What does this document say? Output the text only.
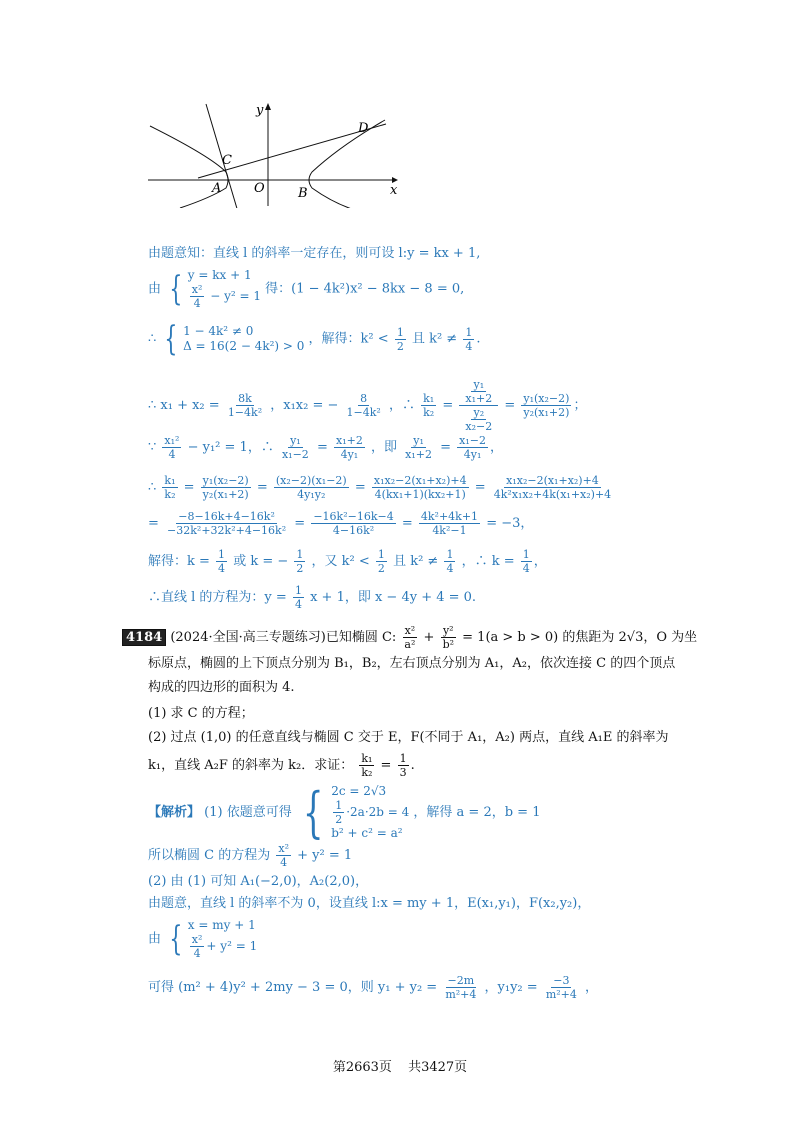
y
x
A	O	B
C
D
由题意知：直线 l 的斜率一定存在，则可设 l:y = kx + 1,
由 { y = kx + 1
$\frac{\text{x²}}{4} - y^2 = 1$ 得：(1 − 4k²)x² − 8kx − 8 = 0,
∴ { 1 − 4k² ≠ 0
Δ = 16(2 − 4k²) > 0 ，解得：$k^2 < \frac{1}{2}$ 且 $k^2 \ne \frac{1}{4}$ .
∴ $x_1 + x_2 = \frac{8k}{\text{1−4k²}}$ ，x₁x₂ = − $\frac{8}{\text{1−4k²}}$ ，∴ $\frac{\text{k₁}}{\text{k₂}} = \frac{\frac{\text{y₁}}{\text{x₁+2}}}{\frac{\text{y₂}}{\text{x₂−2}}} = \frac{\text{y₁(x₂−2)}}{\text{y₂(x₁+2)}}$ ；
∵ $\frac{\text{x₁²}}{4} - y_1^2 = 1$，∴ $\frac{\text{y₁}}{\text{x₁−2}} = \frac{\text{x₁+2}}{\text{4y₁}}$ ，即 $\frac{\text{y₁}}{\text{x₁+2}} = \frac{\text{x₁−2}}{\text{4y₁}}$ ，
∴ $\frac{\text{k₁}}{\text{k₂}} = \frac{\text{y₁(x₂−2)}}{\text{y₂(x₁+2)}} = \frac{\text{(x₂−2)(x₁−2)}}{\text{4y₁y₂}} = \frac{\text{x₁x₂−2(x₁+x₂)+4}}{\text{4(kx₁+1)(kx₂+1)}} = \frac{\text{x₁x₂−2(x₁+x₂)+4}}{\text{4k²x₁x₂+4k(x₁+x₂)+4}}$
= $\frac{\text{−8−16k+4−16k²}}{\text{−32k²+32k²+4−16k²}} = \frac{\text{−16k²−16k−4}}{\text{4−16k²}} = \frac{\text{4k²+4k+1}}{\text{4k²−1}} = -3$，
解得：$k = \frac{1}{4}$ 或 k = − $\frac{1}{2}$ ，又 $k^2 < \frac{1}{2}$ 且 $k^2 \ne \frac{1}{4}$ ，∴ $k = \frac{1}{4}$ ，
∴直线 l 的方程为：$y = \frac{1}{4}$ x + 1，即 x − 4y + 4 = 0.
4184 (2024·全国·高三专题练习)已知椭圆 C: $\frac{\text{x²}}{\text{a²}} + \frac{\text{y²}}{\text{b²}} = 1(a > b > 0)$ 的焦距为 2√3，O 为坐
标原点，椭圆的上下顶点分别为 B₁，B₂，左右顶点分别为 A₁，A₂，依次连接 C 的四个顶点
构成的四边形的面积为 4.
(1) 求 C 的方程；
(2) 过点 (1,0) 的任意直线与椭圆 C 交于 E，F(不同于 A₁，A₂) 两点，直线 A₁E 的斜率为
k₁，直线 A₂F 的斜率为 k₂．求证： $\frac{\text{k₁}}{\text{k₂}} = \frac{1}{3}$ .
【解析】 (1) 依题意可得 { 2c = 2√3
$\frac{1}{2} \cdot 2a\cdot 2b = 4$
b² + c² = a²
，解得 a = 2，b = 1
所以椭圆 C 的方程为 $\frac{\text{x²}}{4} + y^2 = 1$
(2) 由 (1) 可知 A₁(−2,0)，A₂(2,0)，
由题意，直线 l 的斜率不为 0，设直线 l:x = my + 1，E(x₁,y₁)，F(x₂,y₂)，
由 { x = my + 1
$\frac{\text{x²}}{4} + y^2 = 1$
可得 (m² + 4)y² + 2my − 3 = 0，则 $y_1 + y_2 = \frac{-2m}{\text{m²+4}}$ ，$y_1y_2 = \frac{-3}{\text{m²+4}}$ ，
第2663页 共3427页
